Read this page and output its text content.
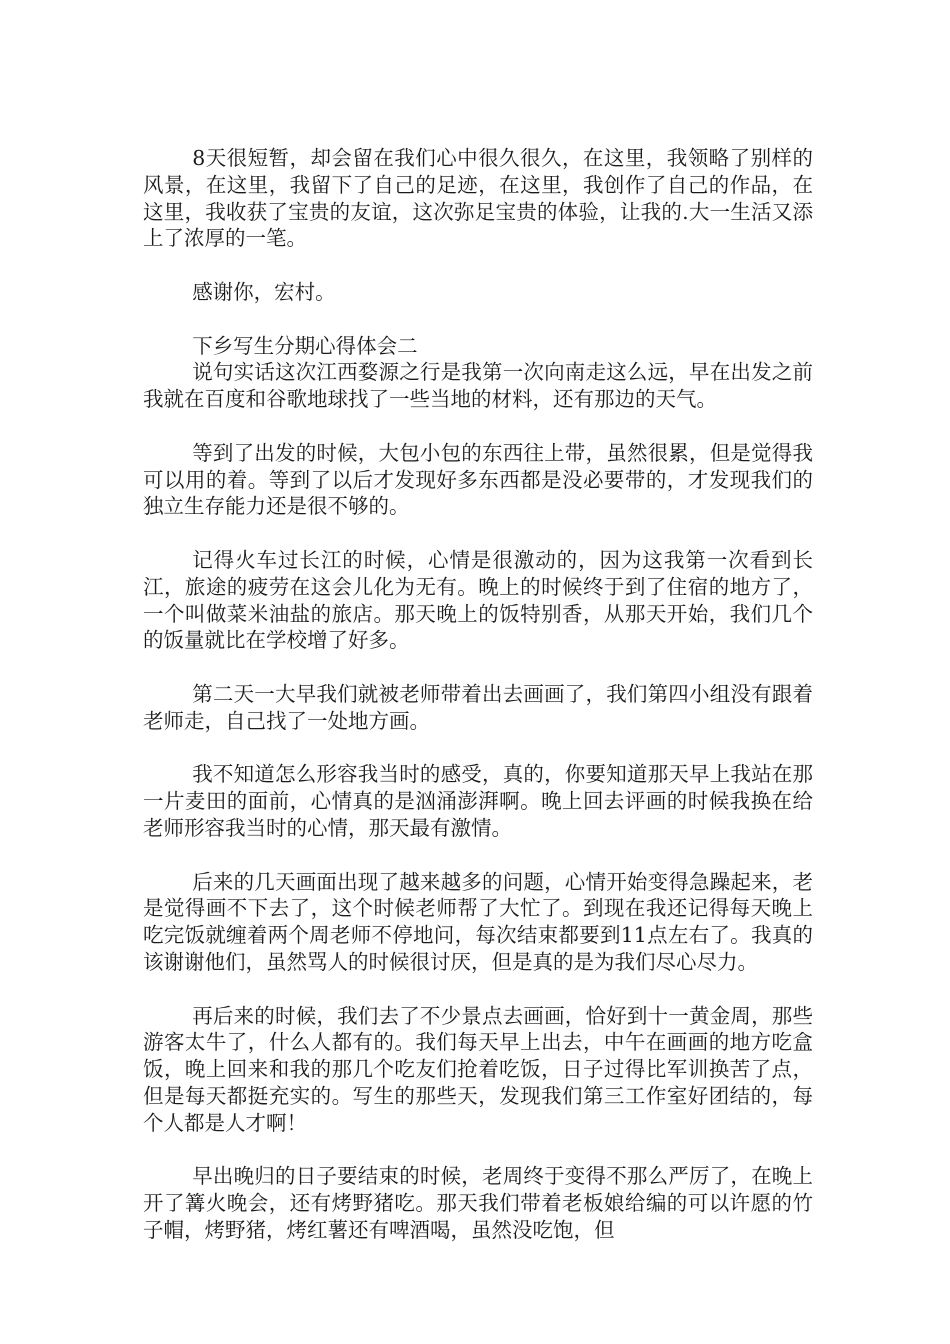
8天很短暂，却会留在我们心中很久很久，在这里，我领略了别样的风景，在这里，我留下了自己的足迹，在这里，我创作了自己的作品，在这里，我收获了宝贵的友谊，这次弥足宝贵的体验，让我的.大一生活又添上了浓厚的一笔。

感谢你，宏村。

下乡写生分期心得体会二

说句实话这次江西婺源之行是我第一次向南走这么远，早在出发之前我就在百度和谷歌地球找了一些当地的材料，还有那边的天气。

等到了出发的时候，大包小包的东西往上带，虽然很累，但是觉得我可以用的着。等到了以后才发现好多东西都是没必要带的，才发现我们的独立生存能力还是很不够的。

记得火车过长江的时候，心情是很激动的，因为这我第一次看到长江，旅途的疲劳在这会儿化为无有。晚上的时候终于到了住宿的地方了，一个叫做菜米油盐的旅店。那天晚上的饭特别香，从那天开始，我们几个的饭量就比在学校增了好多。

第二天一大早我们就被老师带着出去画画了，我们第四小组没有跟着老师走，自己找了一处地方画。

我不知道怎么形容我当时的感受，真的，你要知道那天早上我站在那一片麦田的面前，心情真的是汹涌澎湃啊。晚上回去评画的时候我换在给老师形容我当时的心情，那天最有激情。

后来的几天画面出现了越来越多的问题，心情开始变得急躁起来，老是觉得画不下去了，这个时候老师帮了大忙了。到现在我还记得每天晚上吃完饭就缠着两个周老师不停地问，每次结束都要到11点左右了。我真的该谢谢他们，虽然骂人的时候很讨厌，但是真的是为我们尽心尽力。

再后来的时候，我们去了不少景点去画画，恰好到十一黄金周，那些游客太牛了，什么人都有的。我们每天早上出去，中午在画画的地方吃盒饭，晚上回来和我的那几个吃友们抢着吃饭，日子过得比军训换苦了点，但是每天都挺充实的。写生的那些天，发现我们第三工作室好团结的，每个人都是人才啊！

早出晚归的日子要结束的时候，老周终于变得不那么严厉了，在晚上开了篝火晚会，还有烤野猪吃。那天我们带着老板娘给编的可以许愿的竹子帽，烤野猪，烤红薯还有啤酒喝，虽然没吃饱，但
